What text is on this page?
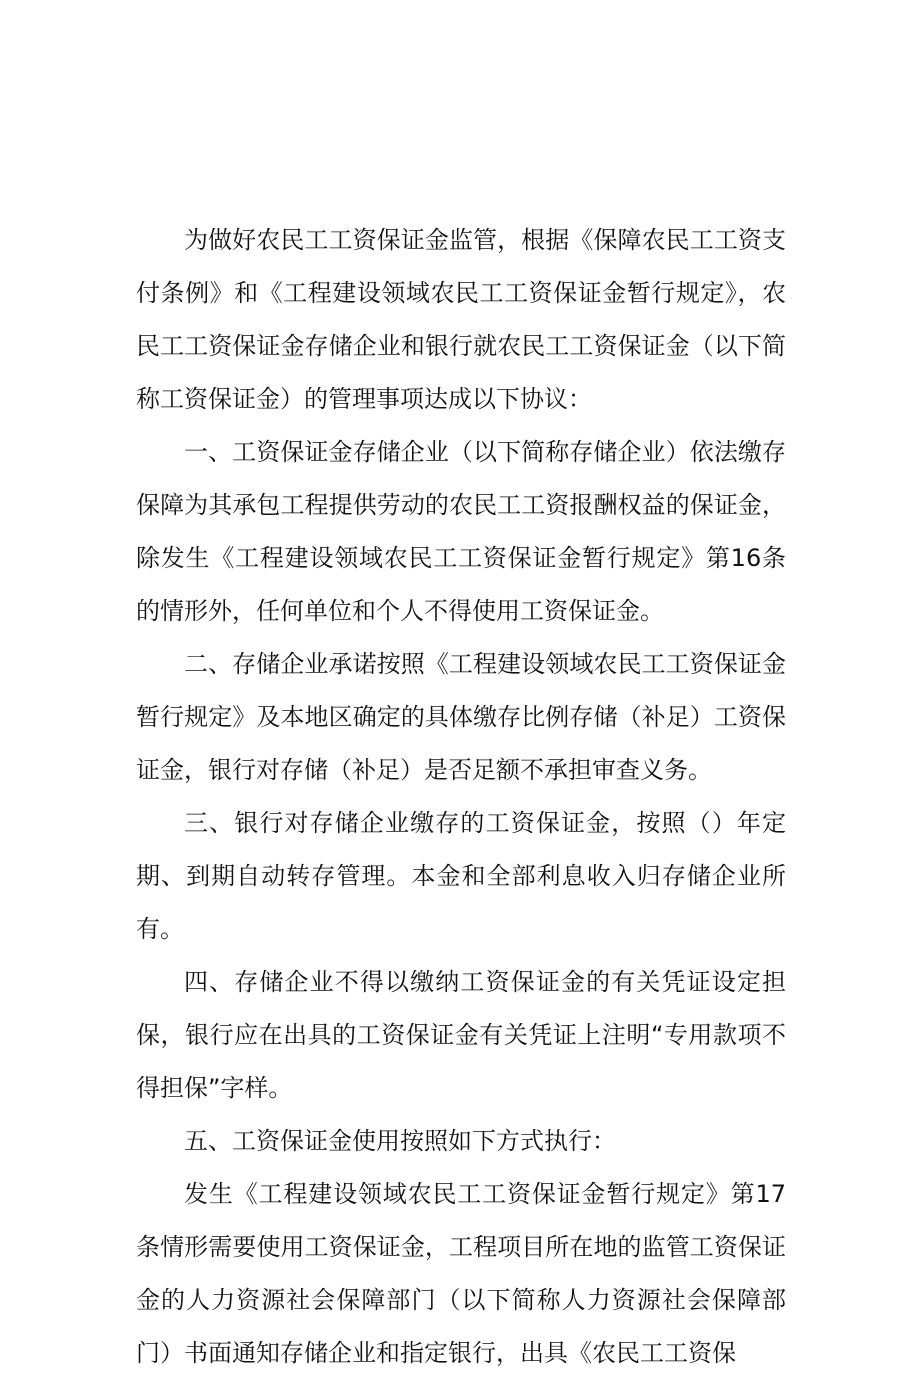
为做好农民工工资保证金监管，根据《保障农民工工资支付条例》和《工程建设领域农民工工资保证金暂行规定》，农民工工资保证金存储企业和银行就农民工工资保证金（以下简称工资保证金）的管理事项达成以下协议：

一、工资保证金存储企业（以下简称存储企业）依法缴存保障为其承包工程提供劳动的农民工工资报酬权益的保证金，除发生《工程建设领域农民工工资保证金暂行规定》第16条的情形外，任何单位和个人不得使用工资保证金。

二、存储企业承诺按照《工程建设领域农民工工资保证金暂行规定》及本地区确定的具体缴存比例存储（补足）工资保证金，银行对存储（补足）是否足额不承担审查义务。

三、银行对存储企业缴存的工资保证金，按照（）年定期、到期自动转存管理。本金和全部利息收入归存储企业所有。

四、存储企业不得以缴纳工资保证金的有关凭证设定担保，银行应在出具的工资保证金有关凭证上注明“专用款项不得担保”字样。

五、工资保证金使用按照如下方式执行：

发生《工程建设领域农民工工资保证金暂行规定》第17条情形需要使用工资保证金，工程项目所在地的监管工资保证金的人力资源社会保障部门（以下简称人力资源社会保障部门）书面通知存储企业和指定银行，出具《农民工工资保
